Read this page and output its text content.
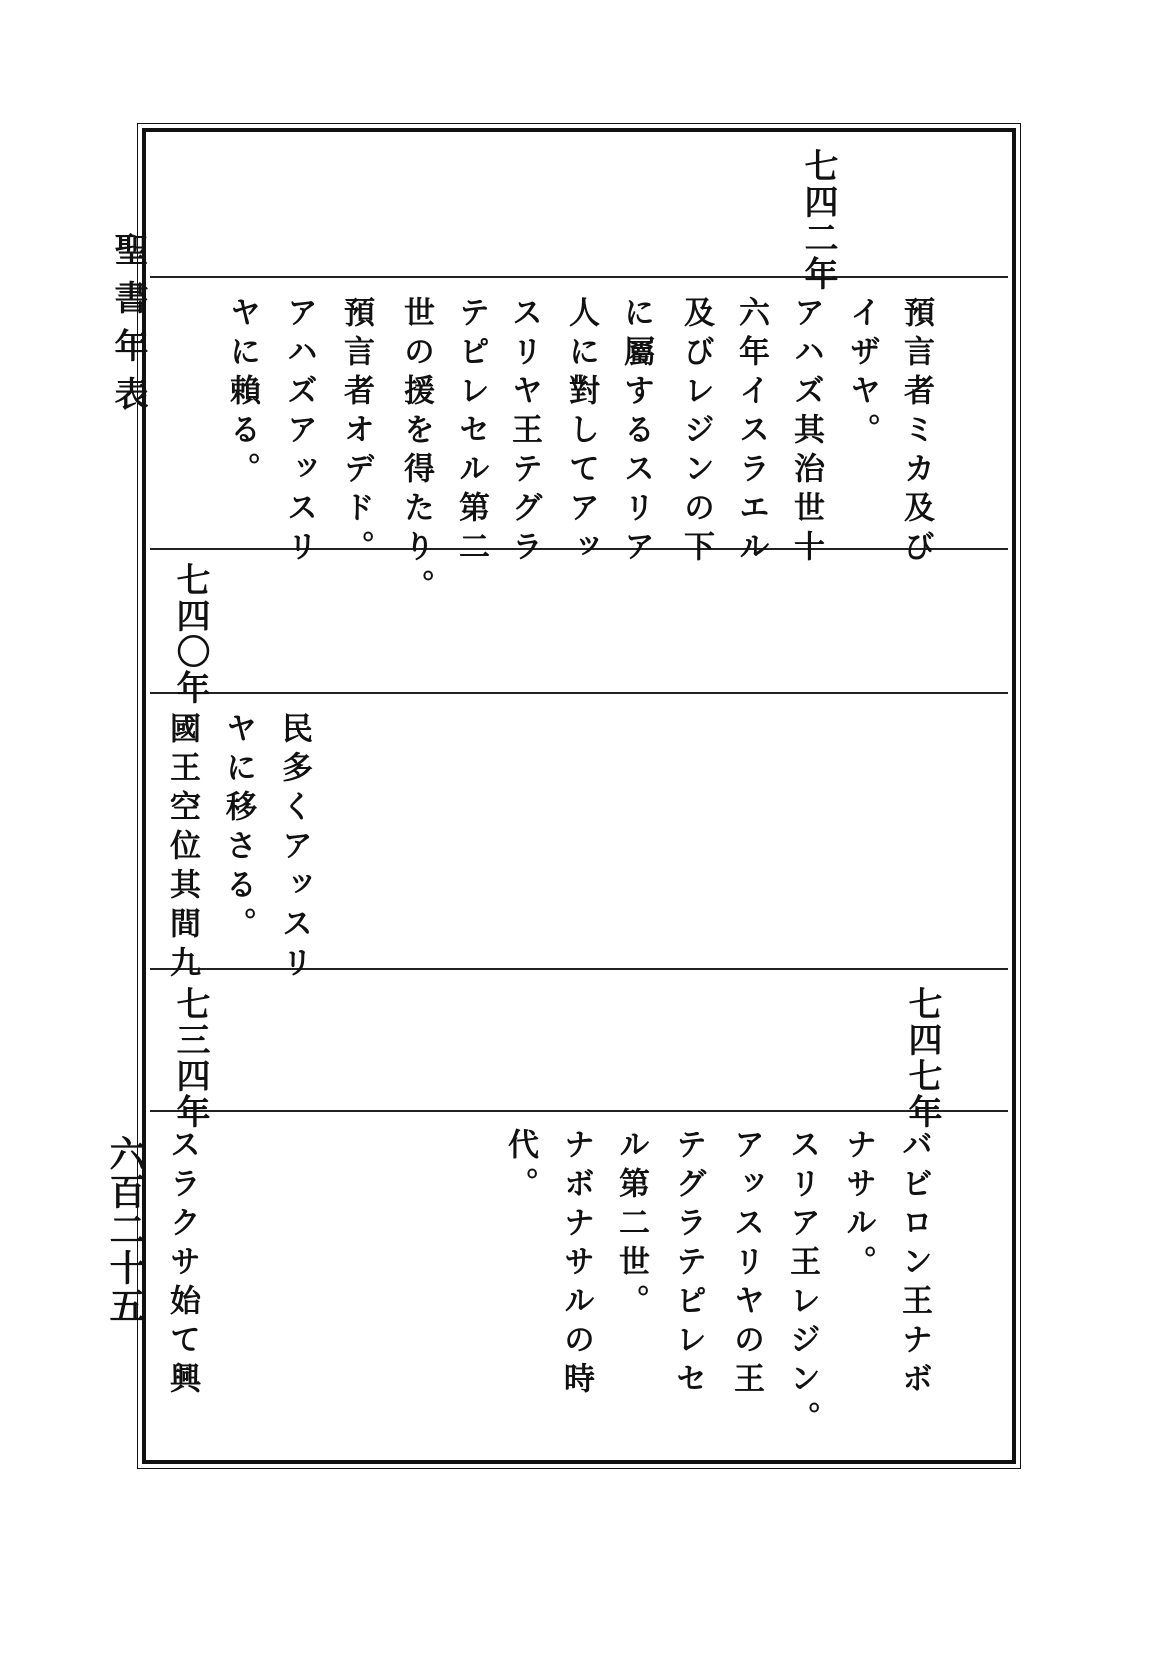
聖書年表
六百二十五
七四二年
預言者ミカ及び
イザヤ。
アハズ其治世十
六年イスラエル
及びレジンの下
に屬するスリア
人に對してアッ
スリヤ王テグラ
テピレセル第二
世の援を得たり。
預言者オデド。
アハズアッスリ
ヤに賴る。
七四〇年
民多くアッスリ
ヤに移さる。
國王空位其間九
七四七年
七三四年
バビロン王ナボ
ナサル。
スリア王レジン。
アッスリヤの王
テグラテピレセ
ル第二世。
ナボナサルの時
代。
スラクサ始て興
